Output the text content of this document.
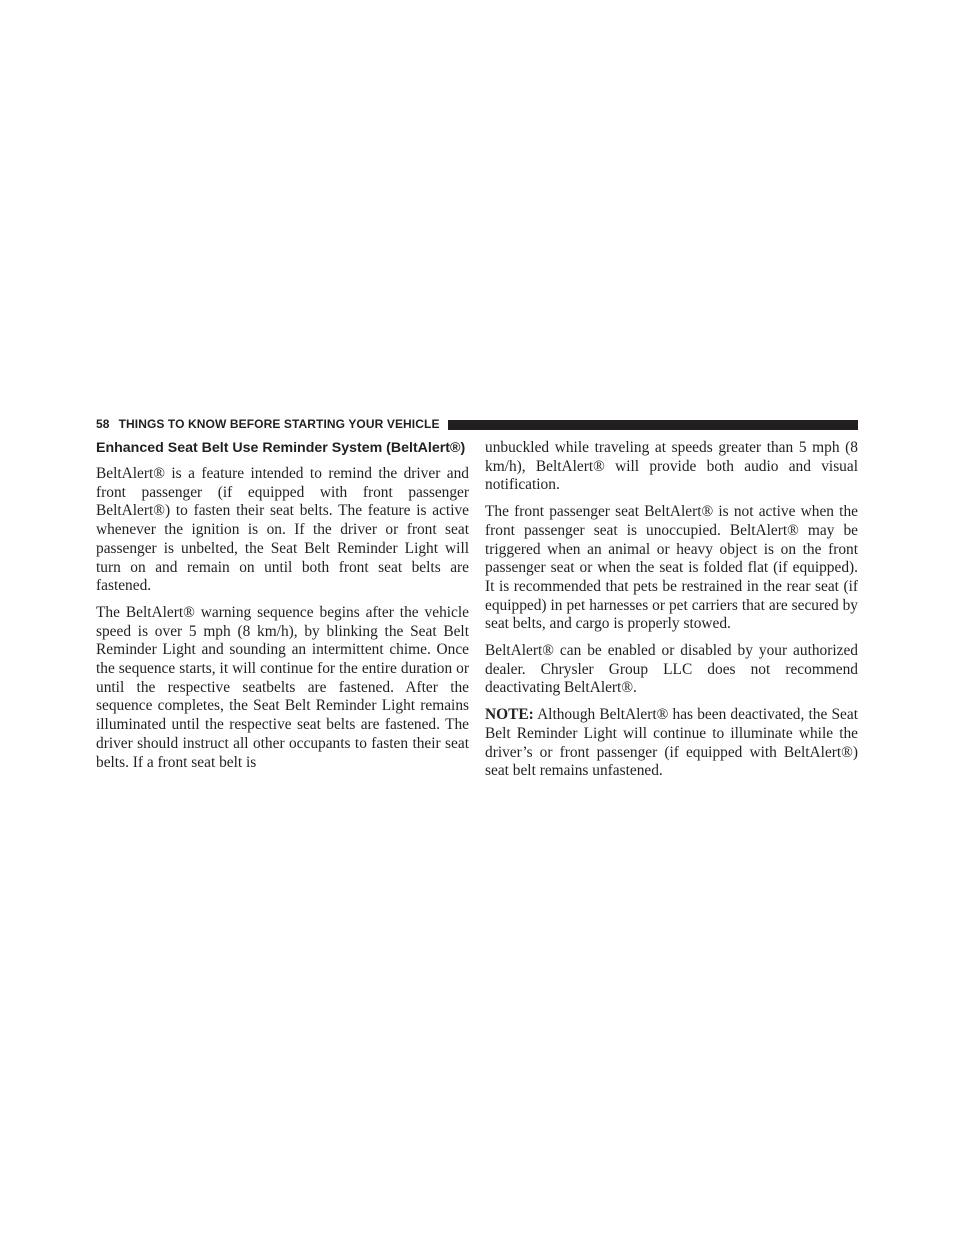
58 THINGS TO KNOW BEFORE STARTING YOUR VEHICLE
Enhanced Seat Belt Use Reminder System (BeltAlert®)

BeltAlert® is a feature intended to remind the driver and front passenger (if equipped with front passenger BeltAlert®) to fasten their seat belts. The feature is active whenever the ignition is on. If the driver or front seat passenger is unbelted, the Seat Belt Reminder Light will turn on and remain on until both front seat belts are fastened.

The BeltAlert® warning sequence begins after the vehicle speed is over 5 mph (8 km/h), by blinking the Seat Belt Reminder Light and sounding an intermittent chime. Once the sequence starts, it will continue for the entire duration or until the respective seatbelts are fastened. After the sequence completes, the Seat Belt Reminder Light remains illuminated until the respective seat belts are fastened. The driver should instruct all other occupants to fasten their seat belts. If a front seat belt is

unbuckled while traveling at speeds greater than 5 mph (8 km/h), BeltAlert® will provide both audio and visual notification.

The front passenger seat BeltAlert® is not active when the front passenger seat is unoccupied. BeltAlert® may be triggered when an animal or heavy object is on the front passenger seat or when the seat is folded flat (if equipped). It is recommended that pets be restrained in the rear seat (if equipped) in pet harnesses or pet carriers that are secured by seat belts, and cargo is properly stowed.

BeltAlert® can be enabled or disabled by your authorized dealer. Chrysler Group LLC does not recommend deactivating BeltAlert®.

NOTE: Although BeltAlert® has been deactivated, the Seat Belt Reminder Light will continue to illuminate while the driver’s or front passenger (if equipped with BeltAlert®) seat belt remains unfastened.
